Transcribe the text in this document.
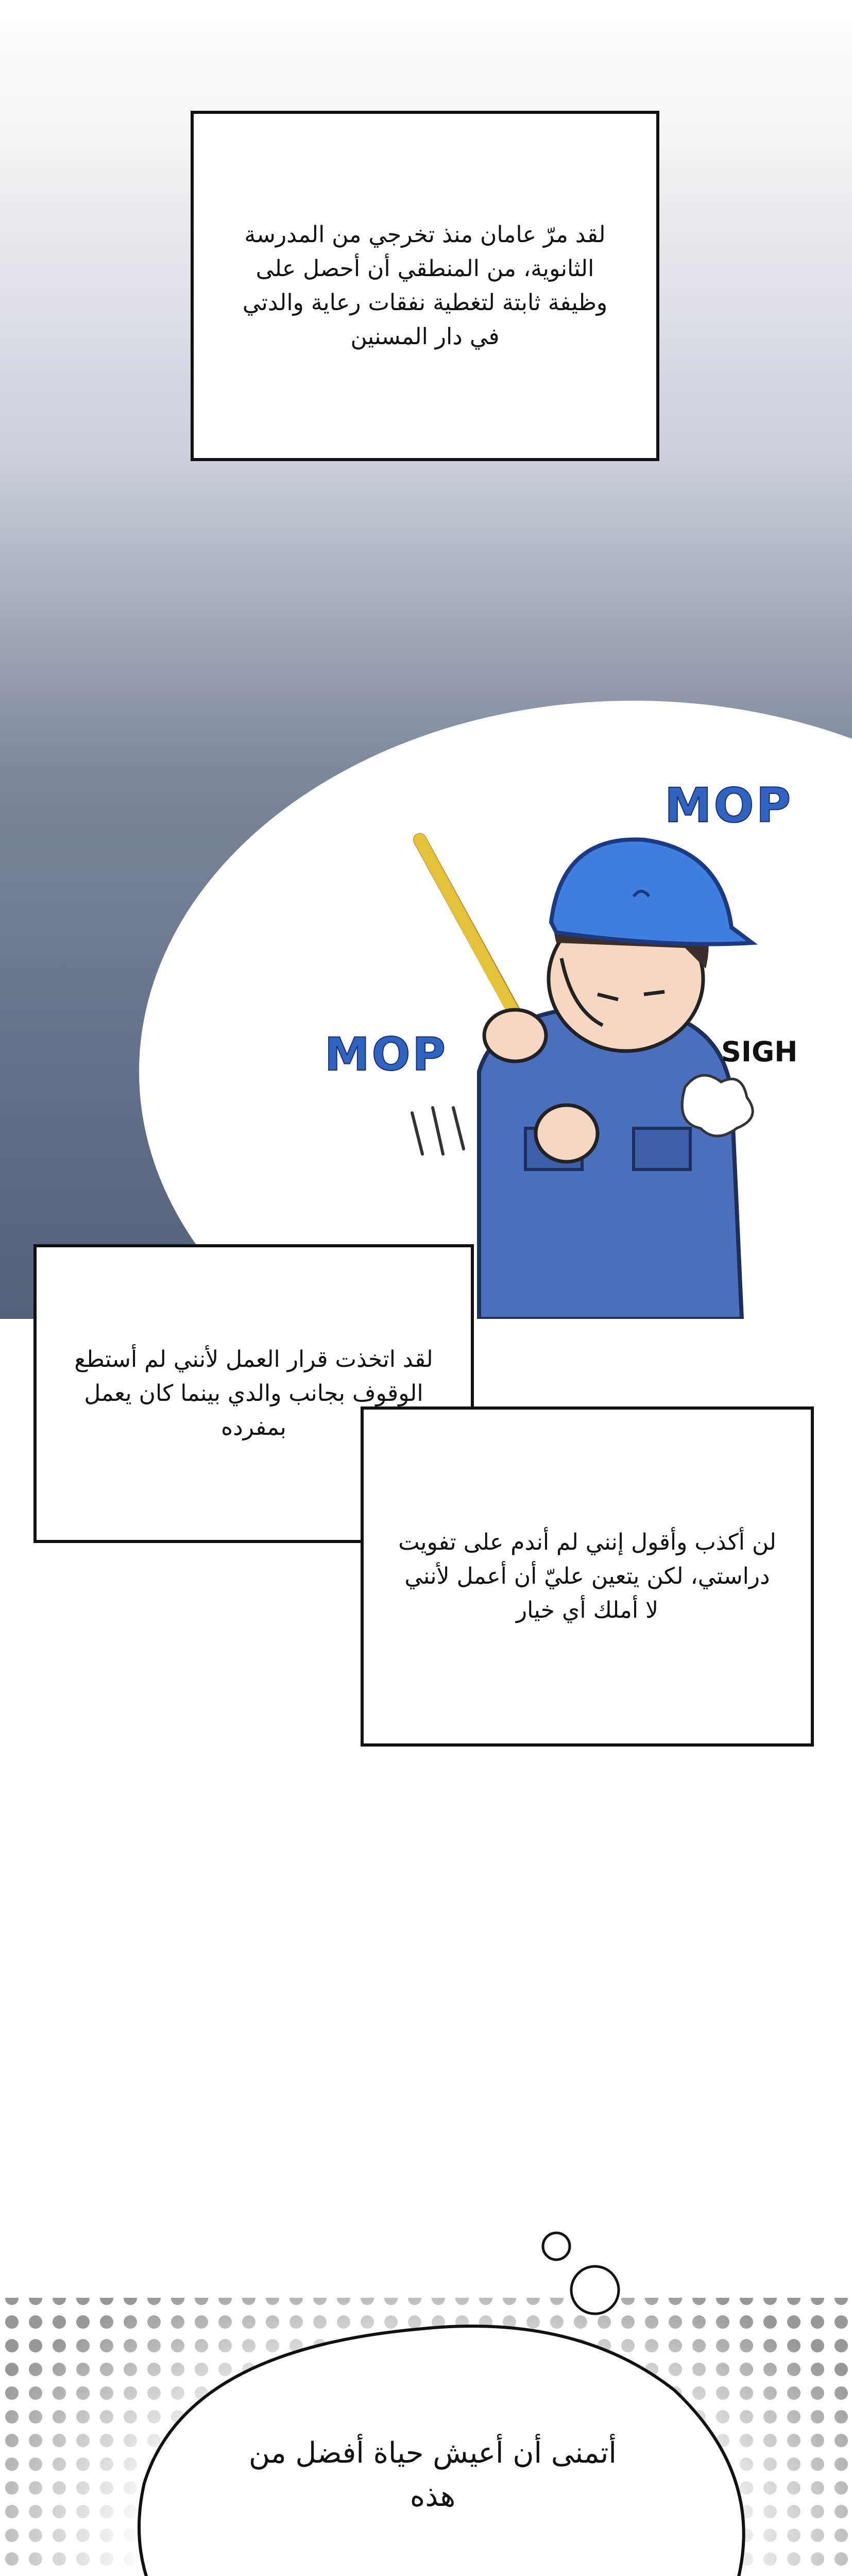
لقد مرّ عامان منذ تخرجي من المدرسة الثانوية، من المنطقي أن أحصل على وظيفة ثابتة لتغطية نفقات رعاية والدتي في دار المسنين

MOP
MOP	SIGH

لقد اتخذت قرار العمل لأنني لم أستطع الوقوف بجانب والدي بينما كان يعمل بمفرده

لن أكذب وأقول إنني لم أندم على تفويت دراستي، لكن يتعين عليّ أن أعمل لأنني لا أملك أي خيار

أتمنى أن أعيش حياة أفضل من هذه
